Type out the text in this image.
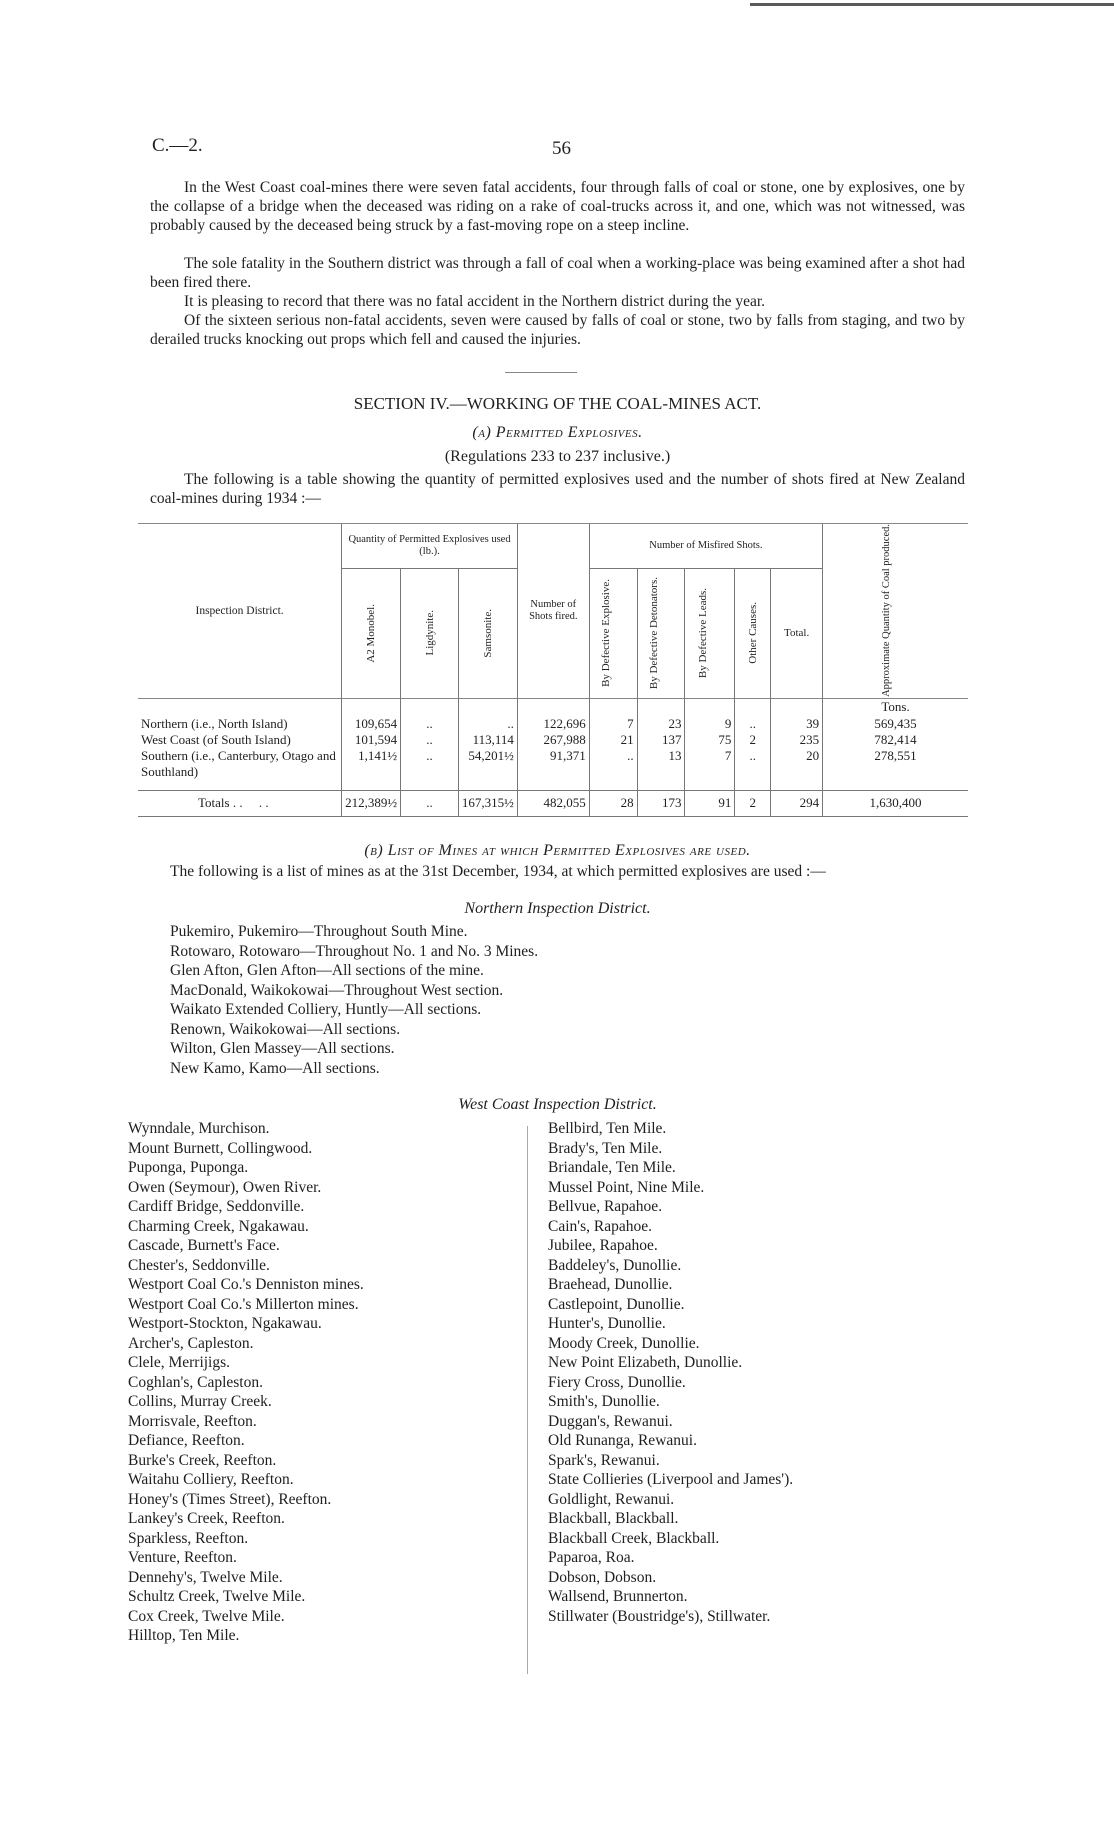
C.—2.	56
In the West Coast coal-mines there were seven fatal accidents, four through falls of coal or stone, one by explosives, one by the collapse of a bridge when the deceased was riding on a rake of coal-trucks across it, and one, which was not witnessed, was probably caused by the deceased being struck by a fast-moving rope on a steep incline.
The sole fatality in the Southern district was through a fall of coal when a working-place was being examined after a shot had been fired there.
It is pleasing to record that there was no fatal accident in the Northern district during the year.
Of the sixteen serious non-fatal accidents, seven were caused by falls of coal or stone, two by falls from staging, and two by derailed trucks knocking out props which fell and caused the injuries.
SECTION IV.—WORKING OF THE COAL-MINES ACT.
(a) Permitted Explosives.
(Regulations 233 to 237 inclusive.)
The following is a table showing the quantity of permitted explosives used and the number of shots fired at New Zealand coal-mines during 1934 :—
Inspection District.	Quantity of Permitted Explosives used (lb.).			Number of Shots fired.	Number of Misfired Shots.					Approximate Quantity of Coal produced.

	A2 Monobel.	Ligdynite.	Samsonite.		By Defective Explosive.	By Defective Detonators.	By Defective Leads.	Other Causes.	Total.	
										Tons.
Northern (i.e., North Island)	109,654	..	..	122,696	7	23	9	..	39	569,435
West Coast (of South Island)	101,594	..	113,114	267,988	21	137	75	2	235	782,414
Southern (i.e., Canterbury, Otago and Southland)	1,141½	..	54,201½	91,371	..	13	7	..	20	278,551

Totals . .     . .	212,389½	..	167,315½	482,055	28	173	91	2	294	1,630,400
(b) List of Mines at which Permitted Explosives are used.
The following is a list of mines as at the 31st December, 1934, at which permitted explosives are used :—
Northern Inspection District.
Pukemiro, Pukemiro—Throughout South Mine.
Rotowaro, Rotowaro—Throughout No. 1 and No. 3 Mines.
Glen Afton, Glen Afton—All sections of the mine.
MacDonald, Waikokowai—Throughout West section.
Waikato Extended Colliery, Huntly—All sections.
Renown, Waikokowai—All sections.
Wilton, Glen Massey—All sections.
New Kamo, Kamo—All sections.
West Coast Inspection District.
Wynndale, Murchison.
Mount Burnett, Collingwood.
Puponga, Puponga.
Owen (Seymour), Owen River.
Cardiff Bridge, Seddonville.
Charming Creek, Ngakawau.
Cascade, Burnett's Face.
Chester's, Seddonville.
Westport Coal Co.'s Denniston mines.
Westport Coal Co.'s Millerton mines.
Westport-Stockton, Ngakawau.
Archer's, Capleston.
Clele, Merrijigs.
Coghlan's, Capleston.
Collins, Murray Creek.
Morrisvale, Reefton.
Defiance, Reefton.
Burke's Creek, Reefton.
Waitahu Colliery, Reefton.
Honey's (Times Street), Reefton.
Lankey's Creek, Reefton.
Sparkless, Reefton.
Venture, Reefton.
Dennehy's, Twelve Mile.
Schultz Creek, Twelve Mile.
Cox Creek, Twelve Mile.
Hilltop, Ten Mile.
Bellbird, Ten Mile.
Brady's, Ten Mile.
Briandale, Ten Mile.
Mussel Point, Nine Mile.
Bellvue, Rapahoe.
Cain's, Rapahoe.
Jubilee, Rapahoe.
Baddeley's, Dunollie.
Braehead, Dunollie.
Castlepoint, Dunollie.
Hunter's, Dunollie.
Moody Creek, Dunollie.
New Point Elizabeth, Dunollie.
Fiery Cross, Dunollie.
Smith's, Dunollie.
Duggan's, Rewanui.
Old Runanga, Rewanui.
Spark's, Rewanui.
State Collieries (Liverpool and James').
Goldlight, Rewanui.
Blackball, Blackball.
Blackball Creek, Blackball.
Paparoa, Roa.
Dobson, Dobson.
Wallsend, Brunnerton.
Stillwater (Boustridge's), Stillwater.
